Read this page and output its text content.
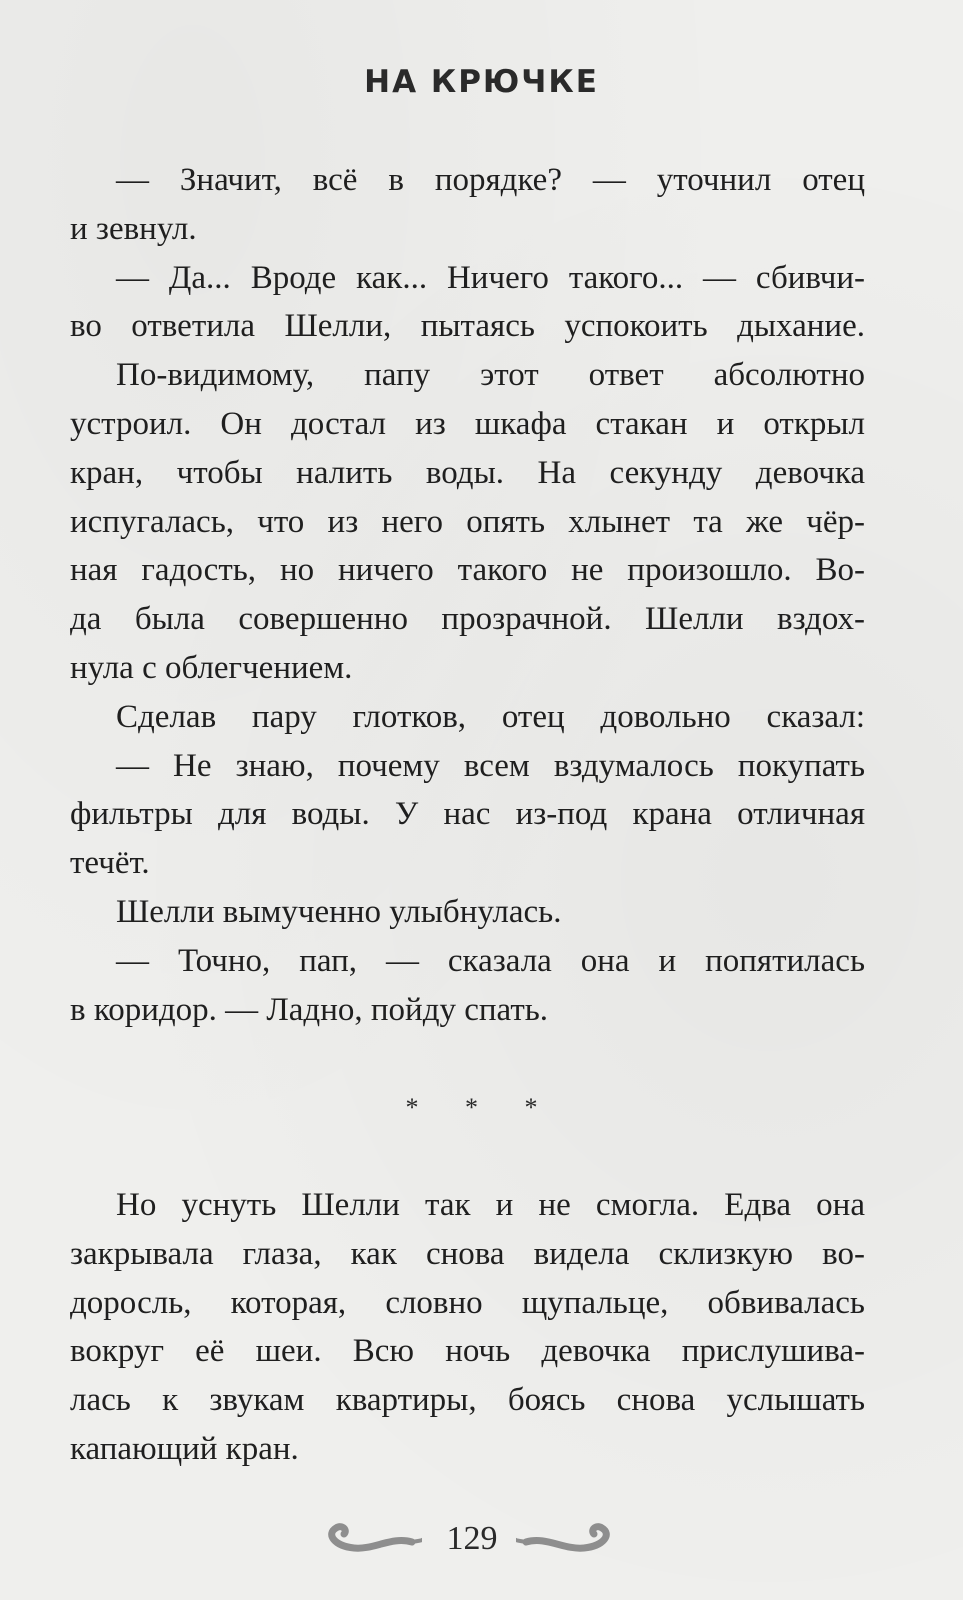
НА КРЮЧКЕ
— Значит, всё в порядке? — уточнил отец
и зевнул.
— Да... Вроде как... Ничего такого... — сбивчи-
во ответила Шелли, пытаясь успокоить дыхание.
По-видимому, папу этот ответ абсолютно
устроил. Он достал из шкафа стакан и открыл
кран, чтобы налить воды. На секунду девочка
испугалась, что из него опять хлынет та же чёр-
ная гадость, но ничего такого не произошло. Во-
да была совершенно прозрачной. Шелли вздох-
нула с облегчением.
Сделав пару глотков, отец довольно сказал:
— Не знаю, почему всем вздумалось покупать
фильтры для воды. У нас из-под крана отличная
течёт.
Шелли вымученно улыбнулась.
— Точно, пап, — сказала она и попятилась
в коридор. — Ладно, пойду спать.
* * *
Но уснуть Шелли так и не смогла. Едва она
закрывала глаза, как снова видела склизкую во-
доросль, которая, словно щупальце, обвивалась
вокруг её шеи. Всю ночь девочка прислушива-
лась к звукам квартиры, боясь снова услышать
капающий кран.
129
